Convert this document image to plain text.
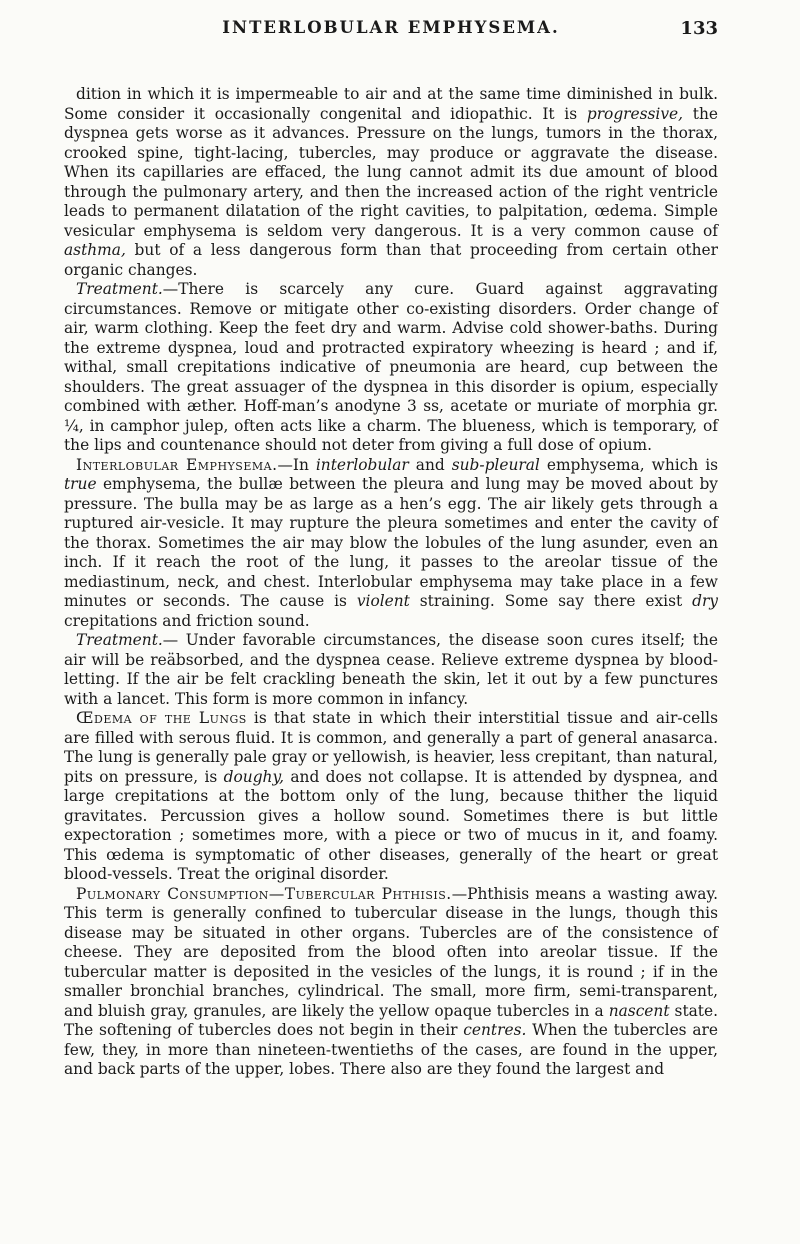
INTERLOBULAR EMPHYSEMA.	133

dition in which it is impermeable to air and at the same time diminished in bulk. Some consider it occasionally congenital and idiopathic. It is progressive, the dyspnea gets worse as it advances. Pressure on the lungs, tumors in the thorax, crooked spine, tight-lacing, tubercles, may produce or aggravate the disease. When its capillaries are effaced, the lung cannot admit its due amount of blood through the pulmonary artery, and then the increased action of the right ventricle leads to permanent dilatation of the right cavities, to palpitation, œdema. Simple vesicular emphysema is seldom very dangerous. It is a very common cause of asthma, but of a less dangerous form than that proceeding from certain other organic changes.

Treatment.—There is scarcely any cure. Guard against aggravating circumstances. Remove or mitigate other co-existing disorders. Order change of air, warm clothing. Keep the feet dry and warm. Advise cold shower-baths. During the extreme dyspnea, loud and protracted expiratory wheezing is heard ; and if, withal, small crepitations indicative of pneumonia are heard, cup between the shoulders. The great assuager of the dyspnea in this disorder is opium, especially combined with æther. Hoff-man’s anodyne 3 ss, acetate or muriate of morphia gr. ¼, in camphor julep, often acts like a charm. The blueness, which is temporary, of the lips and countenance should not deter from giving a full dose of opium.

Interlobular Emphysema.—In interlobular and sub-pleural emphysema, which is true emphysema, the bullæ between the pleura and lung may be moved about by pressure. The bulla may be as large as a hen’s egg. The air likely gets through a ruptured air-vesicle. It may rupture the pleura sometimes and enter the cavity of the thorax. Sometimes the air may blow the lobules of the lung asunder, even an inch. If it reach the root of the lung, it passes to the areolar tissue of the mediastinum, neck, and chest. Interlobular emphysema may take place in a few minutes or seconds. The cause is violent straining. Some say there exist dry crepitations and friction sound.

Treatment.— Under favorable circumstances, the disease soon cures itself; the air will be reäbsorbed, and the dyspnea cease. Relieve extreme dyspnea by blood-letting. If the air be felt crackling beneath the skin, let it out by a few punctures with a lancet. This form is more common in infancy.

Œdema of the Lungs is that state in which their interstitial tissue and air-cells are filled with serous fluid. It is common, and generally a part of general anasarca. The lung is generally pale gray or yellowish, is heavier, less crepitant, than natural, pits on pressure, is doughy, and does not collapse. It is attended by dyspnea, and large crepitations at the bottom only of the lung, because thither the liquid gravitates. Percussion gives a hollow sound. Sometimes there is but little expectoration ; sometimes more, with a piece or two of mucus in it, and foamy. This œdema is symptomatic of other diseases, generally of the heart or great blood-vessels. Treat the original disorder.

Pulmonary Consumption—Tubercular Phthisis.—Phthisis means a wasting away. This term is generally confined to tubercular disease in the lungs, though this disease may be situated in other organs. Tubercles are of the consistence of cheese. They are deposited from the blood often into areolar tissue. If the tubercular matter is deposited in the vesicles of the lungs, it is round ; if in the smaller bronchial branches, cylindrical. The small, more firm, semi-transparent, and bluish gray, granules, are likely the yellow opaque tubercles in a nascent state. The softening of tubercles does not begin in their centres. When the tubercles are few, they, in more than nineteen-twentieths of the cases, are found in the upper, and back parts of the upper, lobes. There also are they found the largest and
